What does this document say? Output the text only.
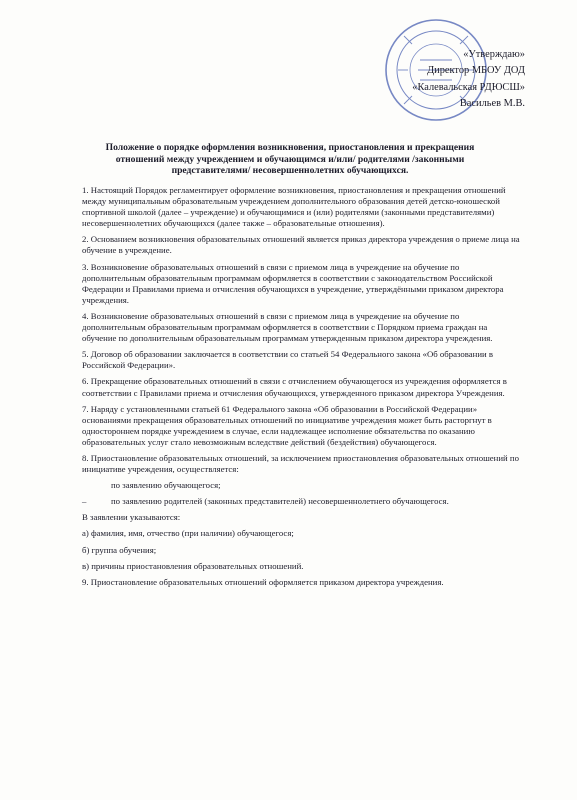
«Утверждаю»
Директор МБОУ ДОД
«Калевальская РДЮСШ»
Васильев М.В.
Положение о порядке оформления возникновения, приостановления и прекращения
отношений между учреждением и обучающимся и/или/ родителями /законными
представителями/ несовершеннолетних обучающихся.

1. Настоящий Порядок регламентирует оформление возникновения, приостановления и прекращения отношений между муниципальным образовательным учреждением дополнительного образования детей детско-юношеской спортивной школой (далее – учреждение) и обучающимися и (или) родителями (законными представителями) несовершеннолетних обучающихся (далее также – образовательные отношения).

2. Основанием возникновения образовательных отношений является приказ директора учреждения о приеме лица на обучение в учреждение.

3. Возникновение образовательных отношений в связи с приемом лица в учреждение на обучение по дополнительным образовательным программам оформляется в соответствии с законодательством Российской Федерации и Правилами приема и отчисления обучающихся в учреждение, утверждёнными приказом директора учреждения.

4. Возникновение образовательных отношений в связи с приемом лица в учреждение на обучение по дополнительным образовательным программам оформляется в соответствии с Порядком приема граждан на обучение по дополнительным образовательным программам утвержденным приказом директора учреждения.

5. Договор об образовании заключается в соответствии со статьей 54 Федерального закона «Об образовании в Российской Федерации».

6. Прекращение образовательных отношений в связи с отчислением обучающегося из учреждения оформляется в соответствии с Правилами приема и отчисления обучающихся, утвержденного приказом директора Учреждения.

7. Наряду с установленными статьей 61 Федерального закона «Об образовании в Российской Федерации» основаниями прекращения образовательных отношений по инициативе учреждения может быть расторгнут в одностороннем порядке учреждением в случае, если надлежащее исполнение обязательства по оказанию образовательных услуг стало невозможным вследствие действий (бездействия) обучающегося.

8. Приостановление образовательных отношений, за исключением приостановления образовательных отношений по инициативе учреждения, осуществляется:

по заявлению обучающегося;
–	по заявлению родителей (законных представителей) несовершеннолетнего обучающегося.

В заявлении указываются:

а) фамилия, имя, отчество (при наличии) обучающегося;

б) группа обучения;

в) причины приостановления образовательных отношений.

9. Приостановление образовательных отношений оформляется приказом директора учреждения.
